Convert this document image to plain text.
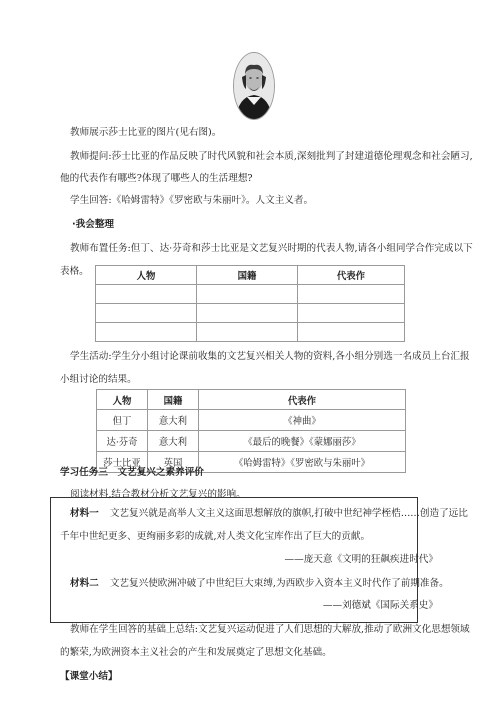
教师展示莎士比亚的图片(见右图)。
教师提问:莎士比亚的作品反映了时代风貌和社会本质,深刻批判了封建道德伦理观念和社会陋习,
他的代表作有哪些?体现了哪些人的生活理想?
学生回答:《哈姆雷特》《罗密欧与朱丽叶》。人文主义者。
·我会整理
教师布置任务:但丁、达·芬奇和莎士比亚是文艺复兴时期的代表人物,请各小组同学合作完成以下
表格。	人物	国籍	代表作

学生活动:学生分小组讨论课前收集的文艺复兴相关人物的资料,各小组分别选一名成员上台汇报
小组讨论的结果。
人物	国籍	代表作
但丁	意大利	《神曲》
达·芬奇	意大利	《最后的晚餐》《蒙娜丽莎》
莎士比亚	英国	《哈姆雷特》《罗密欧与朱丽叶》
学习任务三　文艺复兴之素养评价
阅读材料,结合教材分析文艺复兴的影响。
材料一 文艺复兴就是高举人文主义这面思想解放的旗帜,打破中世纪神学桎梏……创造了远比
千年中世纪更多、更绚丽多彩的成就,对人类文化宝库作出了巨大的贡献。
——庞天意《文明的狂飙疾进时代》
材料二 文艺复兴使欧洲冲破了中世纪巨大束缚,为西欧步入资本主义时代作了前期准备。
——刘德斌《国际关系史》
教师在学生回答的基础上总结:文艺复兴运动促进了人们思想的大解放,推动了欧洲文化思想领域
的繁荣,为欧洲资本主义社会的产生和发展奠定了思想文化基础。
【课堂小结】
